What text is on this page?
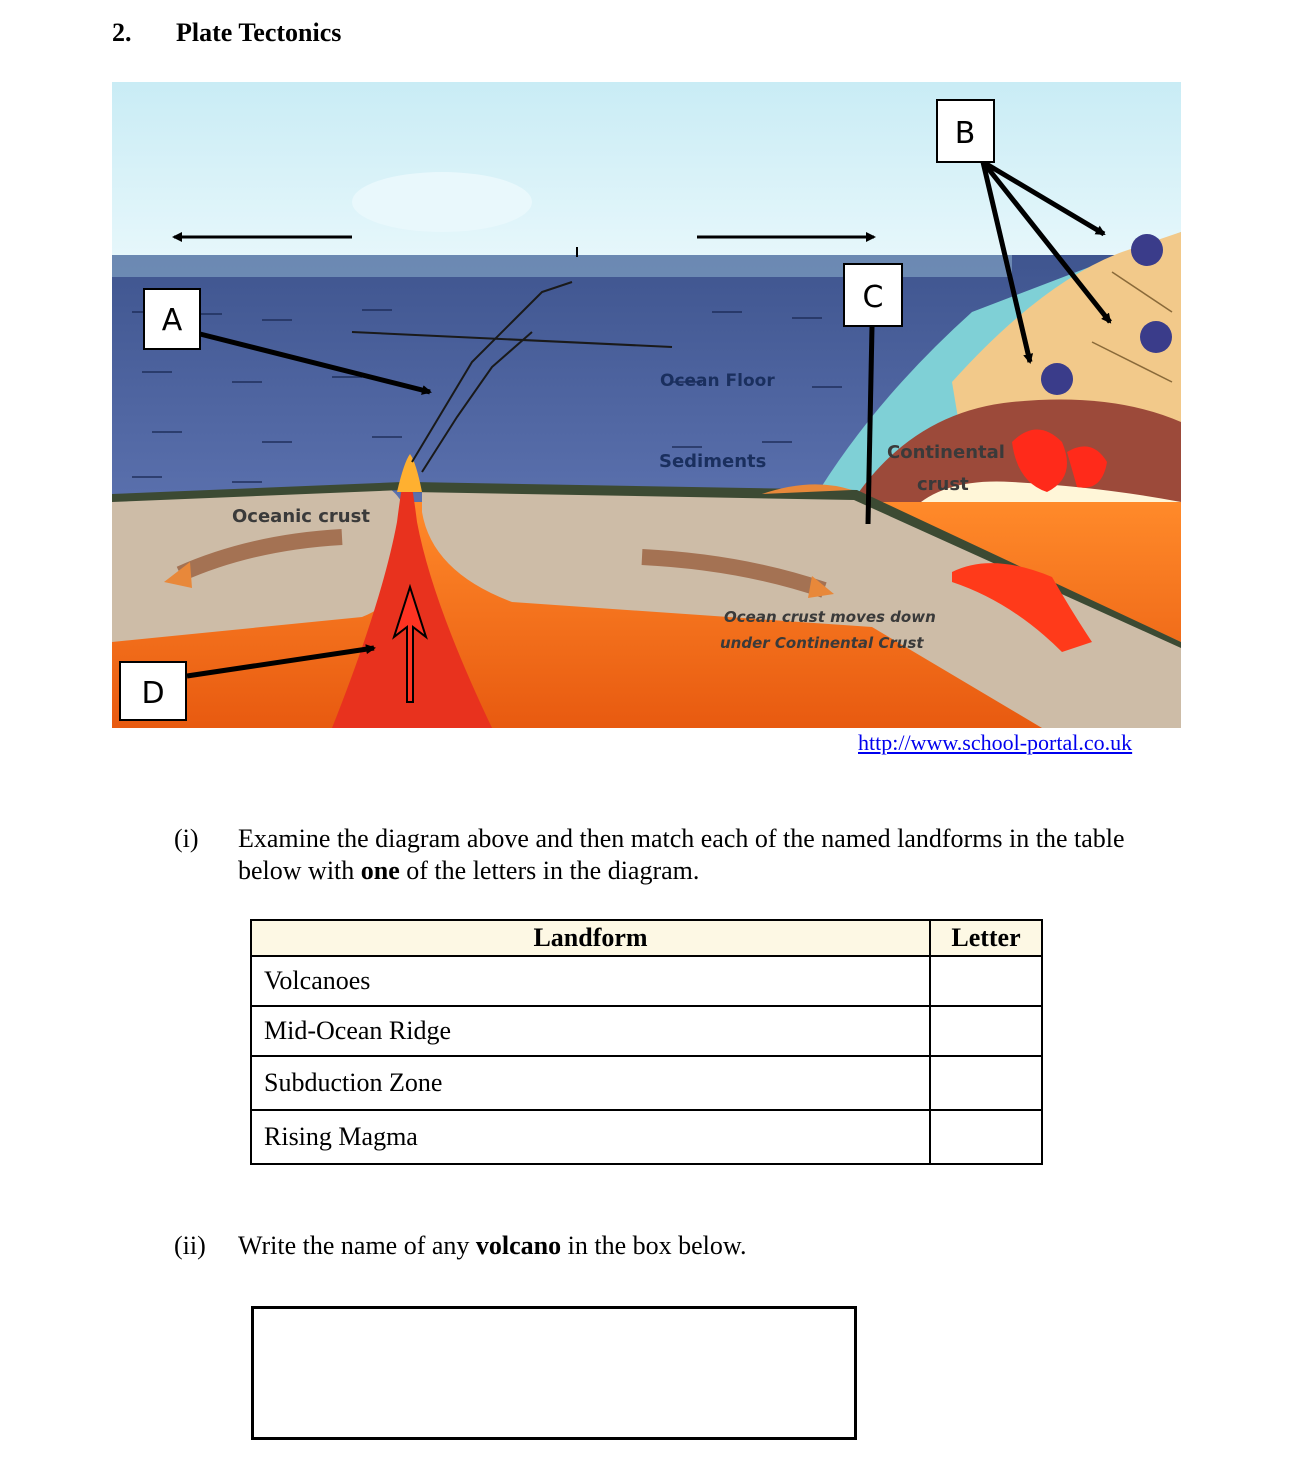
2. Plate Tectonics
Ocean Floor
Sediments
Oceanic crust
Continental
crust
Ocean crust moves down
under Continental Crust
A
B
C
D
http://www.school-portal.co.uk
(i) Examine the diagram above and then match each of the named landforms in the table below with one of the letters in the diagram.
Landform	Letter
Volcanoes	
Mid-Ocean Ridge	
Subduction Zone	
Rising Magma	
(ii) Write the name of any volcano in the box below.
